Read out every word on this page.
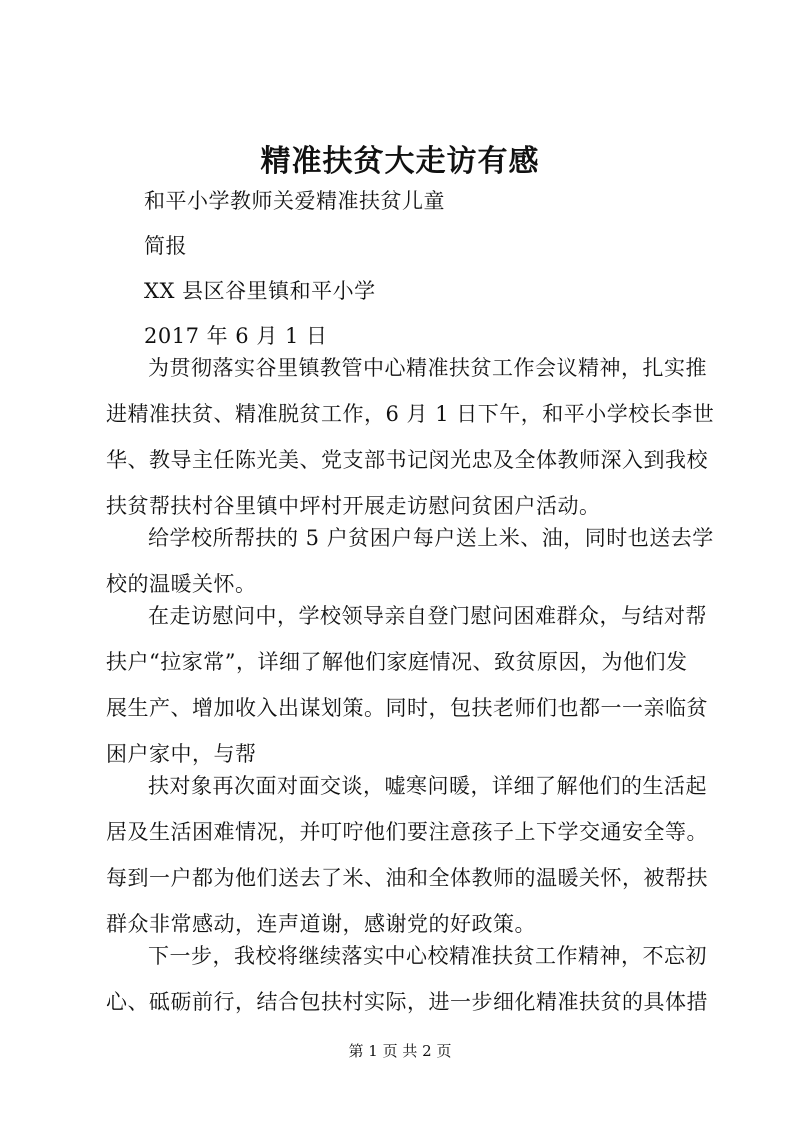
精准扶贫大走访有感
和平小学教师关爱精准扶贫儿童
简报
XX 县区谷里镇和平小学
2017 年 6 月 1 日
为贯彻落实谷里镇教管中心精准扶贫工作会议精神，扎实推
进精准扶贫、精准脱贫工作，6 月 1 日下午，和平小学校长李世
华、教导主任陈光美、党支部书记闵光忠及全体教师深入到我校
扶贫帮扶村谷里镇中坪村开展走访慰问贫困户活动。
给学校所帮扶的 5 户贫困户每户送上米、油，同时也送去学
校的温暖关怀。
在走访慰问中，学校领导亲自登门慰问困难群众，与结对帮
扶户“拉家常”，详细了解他们家庭情况、致贫原因，为他们发
展生产、增加收入出谋划策。同时，包扶老师们也都一一亲临贫
困户家中，与帮
扶对象再次面对面交谈，嘘寒问暖，详细了解他们的生活起
居及生活困难情况，并叮咛他们要注意孩子上下学交通安全等。
每到一户都为他们送去了米、油和全体教师的温暖关怀，被帮扶
群众非常感动，连声道谢，感谢党的好政策。
下一步，我校将继续落实中心校精准扶贫工作精神，不忘初
心、砥砺前行，结合包扶村实际，进一步细化精准扶贫的具体措
第 1 页 共 2 页
